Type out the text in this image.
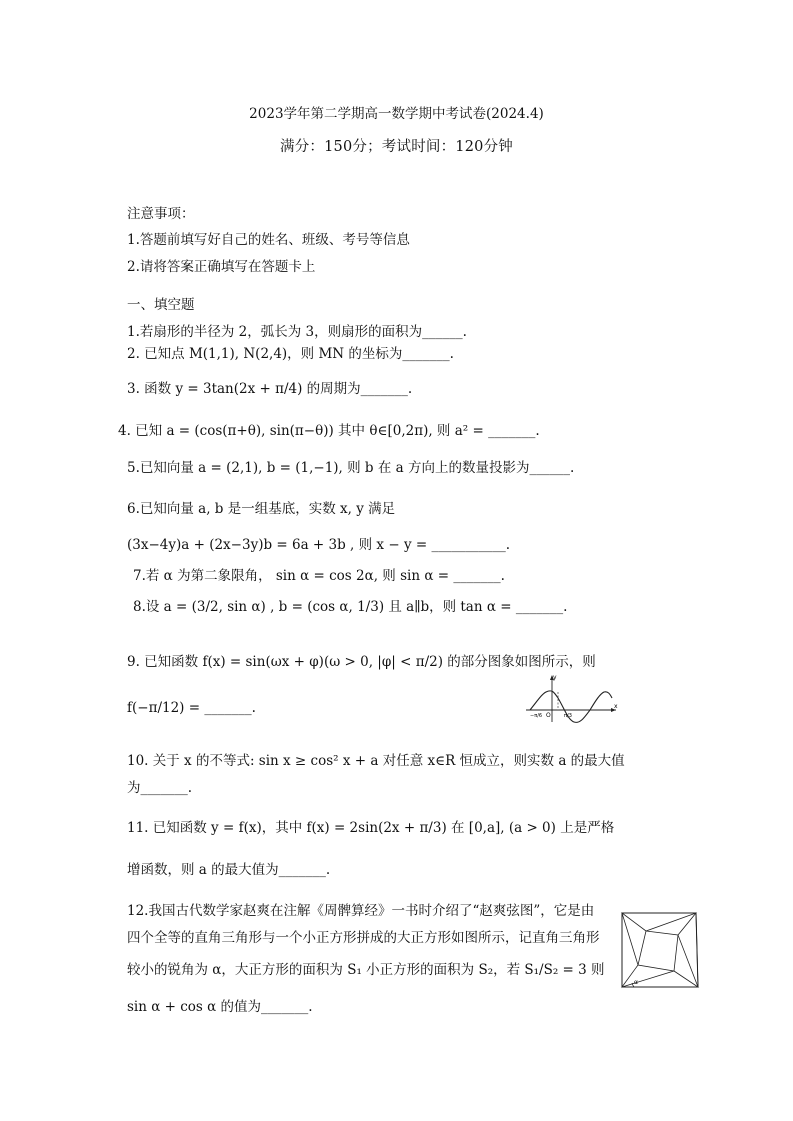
2023学年第二学期高一数学期中考试卷(2024.4)
满分：150分；考试时间：120分钟
注意事项：
1.答题前填写好自己的姓名、班级、考号等信息
2.请将答案正确填写在答题卡上
一、填空题
1.若扇形的半径为 2，弧长为 3，则扇形的面积为______.
2. 已知点 M(1,1), N(2,4)，则 MN 的坐标为_______.
3. 函数 y = 3tan(2x + π/4) 的周期为_______.
4. 已知 a = (cos(π+θ), sin(π−θ)) 其中 θ∈[0,2π), 则 a² = _______.
5.已知向量 a = (2,1), b = (1,−1), 则 b 在 a 方向上的数量投影为______.
6.已知向量 a, b 是一组基底，实数 x, y 满足
(3x−4y)a + (2x−3y)b = 6a + 3b , 则 x − y = ___________.
7.若 α 为第二象限角， sin α = cos 2α, 则 sin α = _______.
8.设 a = (3/2, sin α) , b = (cos α, 1/3) 且 a∥b，则 tan α = _______.
9. 已知函数 f(x) = sin(ωx + φ)(ω > 0, |φ| < π/2) 的部分图象如图所示，则
f(−π/12) = _______.
y
x
O
−π/6	π/3
10. 关于 x 的不等式: sin x ≥ cos² x + a 对任意 x∈R 恒成立，则实数 a 的最大值
为_______.
11. 已知函数 y = f(x)，其中 f(x) = 2sin(2x + π/3) 在 [0,a], (a > 0) 上是严格
增函数，则 a 的最大值为_______.
12.我国古代数学家赵爽在注解《周髀算经》一书时介绍了“赵爽弦图”，它是由
四个全等的直角三角形与一个小正方形拼成的大正方形如图所示，记直角三角形
较小的锐角为 α，大正方形的面积为 S₁ 小正方形的面积为 S₂，若 S₁/S₂ = 3 则
sin α + cos α 的值为_______.
α
